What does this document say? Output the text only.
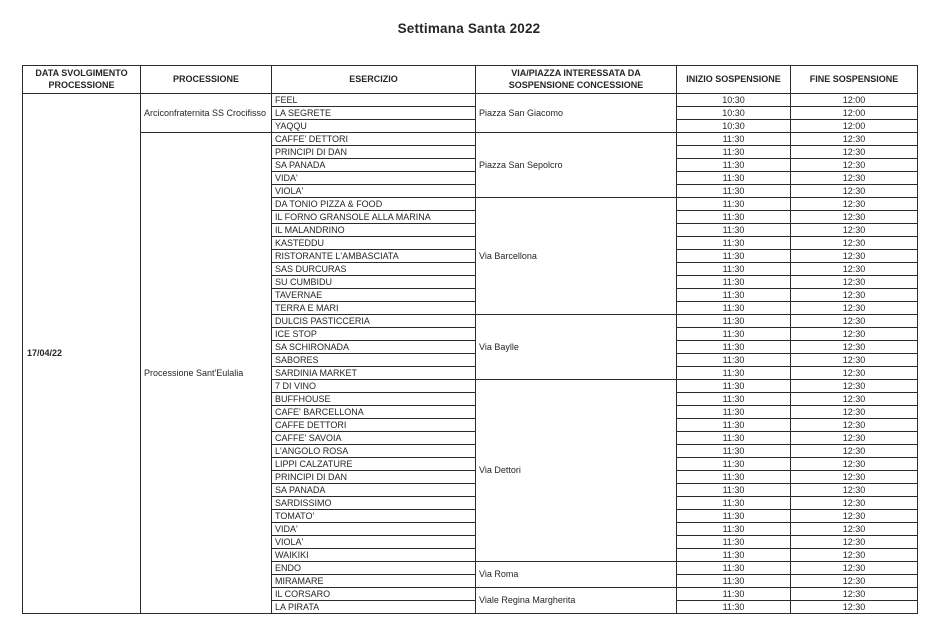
Settimana Santa 2022
DATA SVOLGIMENTO PROCESSIONE	PROCESSIONE	ESERCIZIO	VIA/PIAZZA INTERESSATA DA SOSPENSIONE CONCESSIONE	INIZIO SOSPENSIONE	FINE SOSPENSIONE
17/04/22	Arciconfraternita SS Crocifisso	FEEL	Piazza San Giacomo	10:30	12:00
		LA SEGRETE		10:30	12:00
		YAQQU		10:30	12:00
	Processione Sant'Eulalia	CAFFE' DETTORI	Piazza San Sepolcro	11:30	12:30
		PRINCIPI DI DAN		11:30	12:30
		SA PANADA		11:30	12:30
		VIDA'		11:30	12:30
		VIOLA'		11:30	12:30
		DA TONIO PIZZA & FOOD	Via Barcellona	11:30	12:30
		IL FORNO GRANSOLE ALLA MARINA		11:30	12:30
		IL MALANDRINO		11:30	12:30
		KASTEDDU		11:30	12:30
		RISTORANTE L'AMBASCIATA		11:30	12:30
		SAS DURCURAS		11:30	12:30
		SU CUMBIDU		11:30	12:30
		TAVERNAE		11:30	12:30
		TERRA E MARI		11:30	12:30
		DULCIS PASTICCERIA	Via Baylle	11:30	12:30
		ICE STOP		11:30	12:30
		SA SCHIRONADA		11:30	12:30
		SABORES		11:30	12:30
		SARDINIA MARKET		11:30	12:30
		7 DI VINO	Via Dettori	11:30	12:30
		BUFFHOUSE		11:30	12:30
		CAFE' BARCELLONA		11:30	12:30
		CAFFE DETTORI		11:30	12:30
		CAFFE' SAVOIA		11:30	12:30
		L'ANGOLO ROSA		11:30	12:30
		LIPPI CALZATURE		11:30	12:30
		PRINCIPI DI DAN		11:30	12:30
		SA PANADA		11:30	12:30
		SARDISSIMO		11:30	12:30
		TOMATO'		11:30	12:30
		VIDA'		11:30	12:30
		VIOLA'		11:30	12:30
		WAIKIKI		11:30	12:30
		ENDO	Via Roma	11:30	12:30
		MIRAMARE		11:30	12:30
		IL CORSARO	Viale Regina Margherita	11:30	12:30
		LA PIRATA		11:30	12:30
